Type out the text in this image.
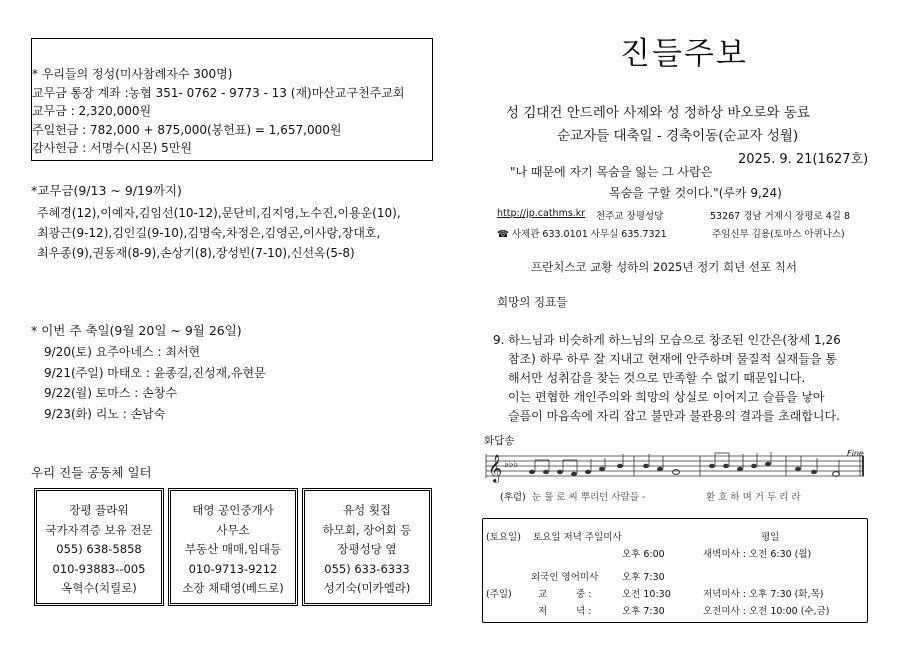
* 우리들의 정성(미사참례자수 300명)
교무금 통장 계좌 :농협 351- 0762 - 9773 - 13 (재)마산교구천주교회
교무금 : 2,320,000원
주일헌금 : 782,000 + 875,000(봉헌표) = 1,657,000원
감사헌금 : 서명수(시몬) 5만원
*교무금(9/13 ~ 9/19까지)
주혜경(12),이예자,김임선(10-12),문단비,김지영,노수진,이용운(10),
최광근(9-12),김인길(9-10),김명숙,차정은,김영곤,이사랑,장대호,
최우종(9),권동재(8-9),손상기(8),장성빈(7-10),신선옥(5-8)
* 이번 주 축일(9월 20일 ~ 9월 26일)
9/20(토) 요주아네스 : 최서현
9/21(주일) 마태오 : 윤종길,진성재,유현문
9/22(월) 토마스 : 손창수
9/23(화) 리노 : 손남숙
우리 진들 공동체 일터
장평 플라워
국가자격증 보유 전문
055) 638-5858
010-93883--005
옥혁수(치릴로)
태영 공인중개사
사무소
부동산 매매,임대등
010-9713-9212
소장 채태영(베드로)
유성 횟집
하모회, 장어회 등
장평성당 옆
055) 633-6333
성기숙(미카엘라)
진들주보
성 김대건 안드레아 사제와 성 정하상 바오로와 동료
순교자들 대축일 - 경축이동(순교자 성월)
2025. 9. 21(1627호)
"나 때문에 자기 목숨을 잃는 그 사람은
목숨을 구할 것이다."(루카 9,24)
http://jp.cathms.kr 천주교 장평성당	53267 경남 거제시 장평로 4길 8
☎ 사제관 633.0101 사무실 635.7321	주임신부 김용(토마스 아퀴나스)
프란치스코 교황 성하의 2025년 정기 희년 선포 칙서
희망의 징표들
9. 하느님과 비슷하게 하느님의 모습으로 창조된 인간은(창세 1,26
참조) 하루 하루 잘 지내고 현재에 안주하며 물질적 실재들을 통
해서만 성취감을 찾는 것으로 만족할 수 없기 때문입니다.
이는 편협한 개인주의와 희망의 상실로 이어지고 슬픔을 낳아
슬픔이 마음속에 자리 잡고 불만과 불관용의 결과를 초래합니다.
화답송
𝄞 ♭♭♭
Fine
(후렴) 눈 물 로 씨 뿌리던 사람들 -	환 호 하 며 거 두 리 라
(토요일) 토요일 저녁 주일미사	평일
오후 6:00	새벽미사 : 오전 6:30 (월)
외국인 영어미사 오후 7:30
(주일)	교	중 :	오전 10:30	저녁미사 : 오후 7:30 (화,목)
저	녁 :	오후 7:30	오전미사 : 오전 10:00 (수,금)
